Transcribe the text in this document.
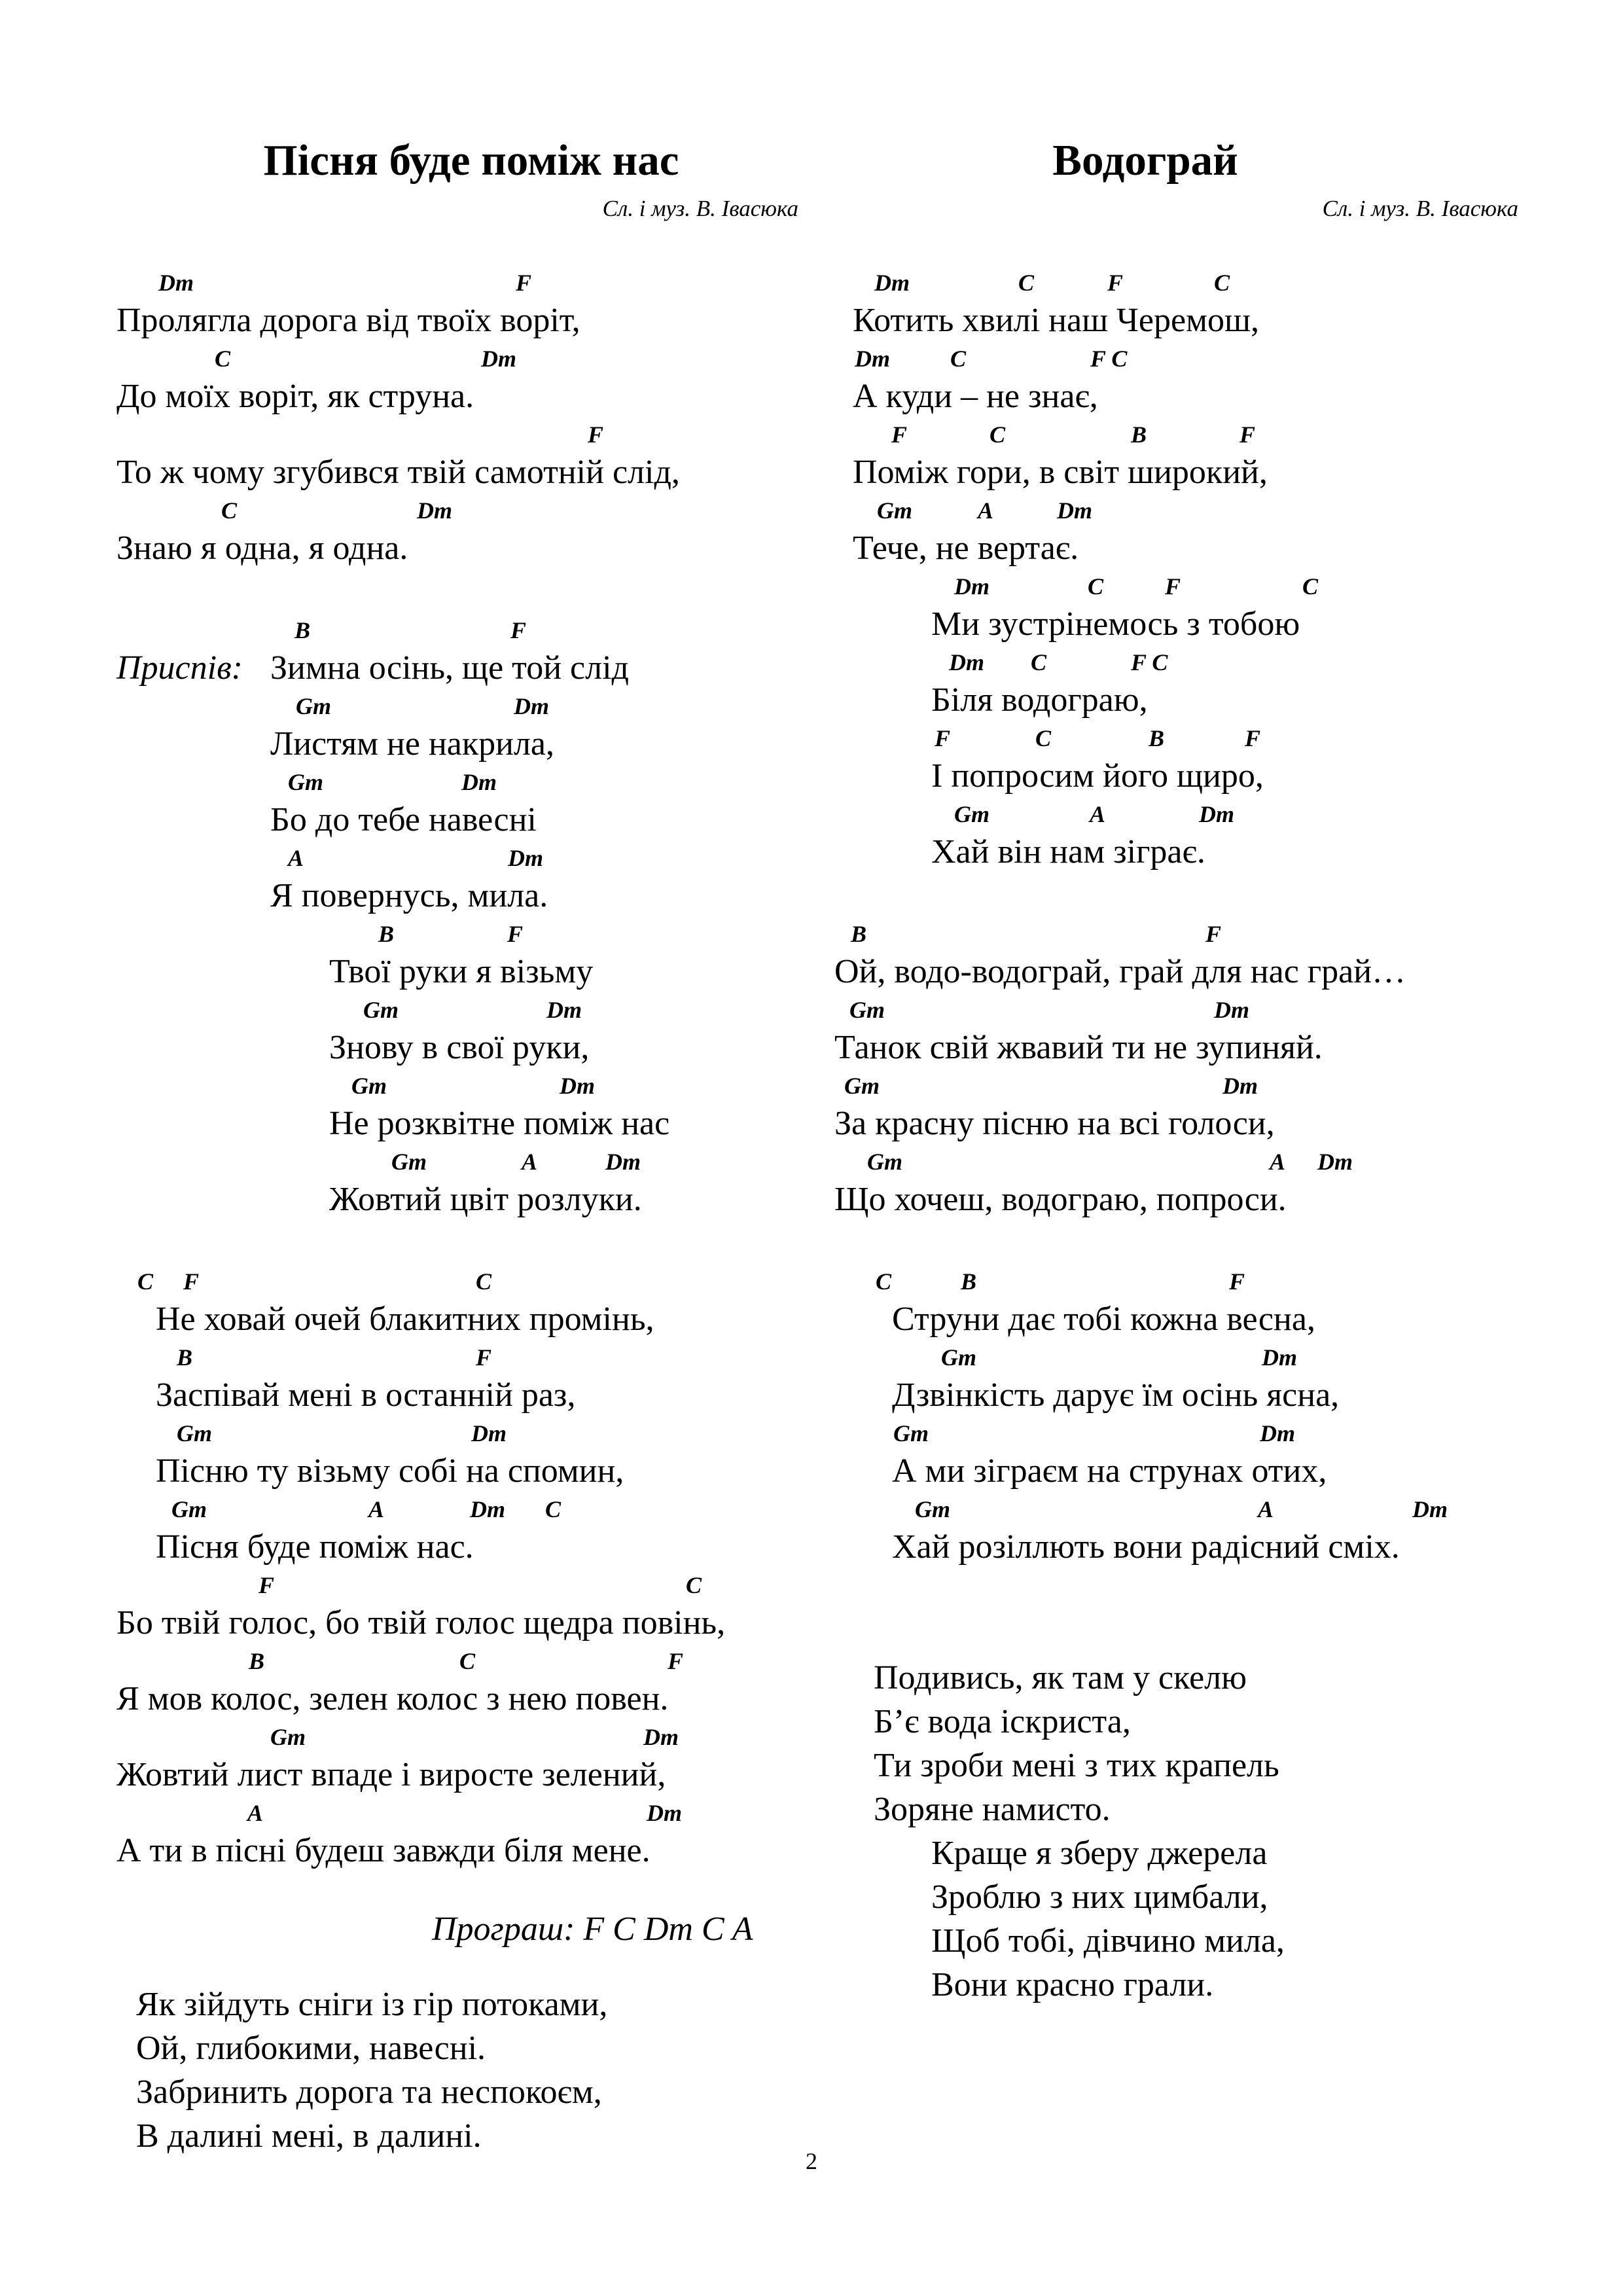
Пісня буде поміж нас
Сл. і муз. В. Івасюка
Dm	F
Пролягла дорога від твоїх воріт,
C	Dm
До моїх воріт, як струна.
F
То ж чому згубився твій самотній слід,
C	Dm
Знаю я одна, я одна.
B	F
Приспів: Зимна осінь, ще той слід
Gm	Dm
Листям не накрила,
Gm	Dm
Бо до тебе навесні
A	Dm
Я повернусь, мила.
B	F
Твої руки я візьму
Gm	Dm
Знову в свої руки,
Gm	Dm
Не розквітне поміж нас
Gm	A	Dm
Жовтий цвіт розлуки.
C F	C
Не ховай очей блакитних промінь,
B	F
Заспівай мені в останній раз,
Gm	Dm
Пісню ту візьму собі на спомин,
Gm	A	Dm C
Пісня буде поміж нас.
F	C
Бо твій голос, бо твій голос щедра повінь,
B	C	F
Я мов колос, зелен колос з нею повен.
Gm	Dm
Жовтий лист впаде і виросте зелений,
A	Dm
А ти в пісні будеш завжди біля мене.
Програш: F C Dm C A
Як зійдуть сніги із гір потоками,
Ой, глибокими, навесні.
Забринить дорога та неспокоєм,
В далині мені, в далині.
Водограй
Сл. і муз. В. Івасюка
Dm	C	F	C
Котить хвилі наш Черемош,
Dm	C	F C
А куди – не знає,
F	C	B	F
Поміж гори, в світ широкий,
Gm	A	Dm
Тече, не вертає.
Dm	C	F	C
Ми зустрінемось з тобою
Dm C	F C
Біля водограю,
F	C	B	F
І попросим його щиро,
Gm	A	Dm
Хай він нам зіграє.
B	F
Ой, водо-водограй, грай для нас грай…
Gm	Dm
Танок свій жвавий ти не зупиняй.
Gm	Dm
За красну пісню на всі голоси,
Gm	A Dm
Що хочеш, водограю, попроси.
C	B	F
Струни дає тобі кожна весна,
Gm	Dm
Дзвінкість дарує їм осінь ясна,
Gm	Dm
А ми зіграєм на струнах отих,
Gm	A	Dm
Хай розіллють вони радісний сміх.
Подивись, як там у скелю
Б’є вода іскриста,
Ти зроби мені з тих крапель
Зоряне намисто.
Краще я зберу джерела
Зроблю з них цимбали,
Щоб тобі, дівчино мила,
Вони красно грали.
2
